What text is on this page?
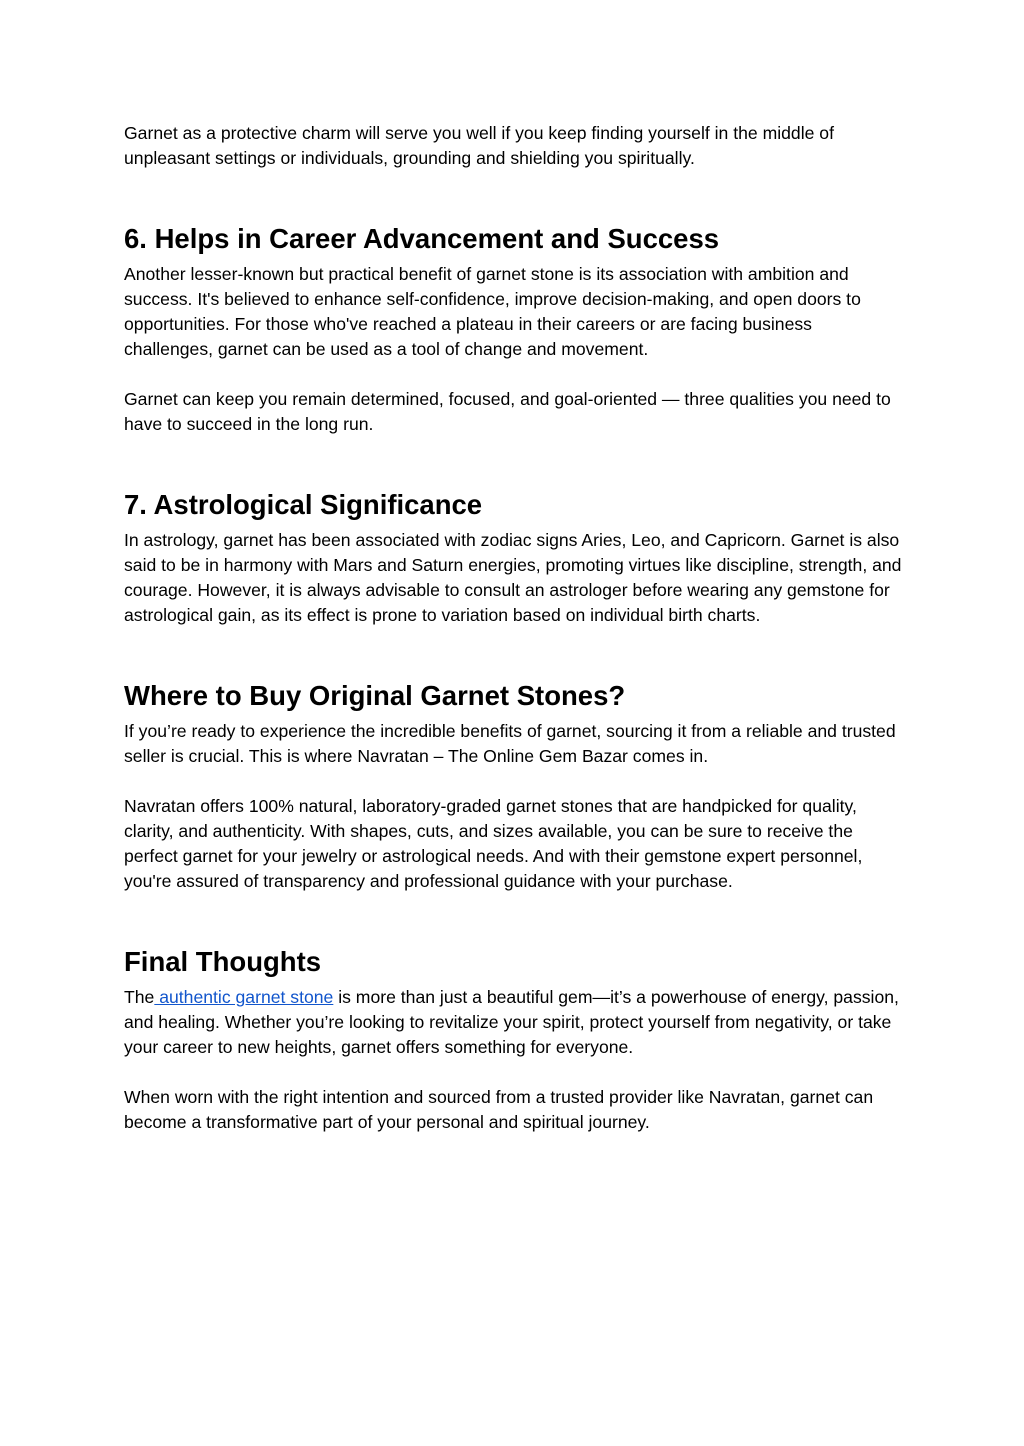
Garnet as a protective charm will serve you well if you keep finding yourself in the middle of unpleasant settings or individuals, grounding and shielding you spiritually.

6. Helps in Career Advancement and Success

Another lesser-known but practical benefit of garnet stone is its association with ambition and success. It's believed to enhance self-confidence, improve decision-making, and open doors to opportunities. For those who've reached a plateau in their careers or are facing business challenges, garnet can be used as a tool of change and movement.

Garnet can keep you remain determined, focused, and goal-oriented — three qualities you need to have to succeed in the long run.

7. Astrological Significance

In astrology, garnet has been associated with zodiac signs Aries, Leo, and Capricorn. Garnet is also said to be in harmony with Mars and Saturn energies, promoting virtues like discipline, strength, and courage. However, it is always advisable to consult an astrologer before wearing any gemstone for astrological gain, as its effect is prone to variation based on individual birth charts.

Where to Buy Original Garnet Stones?

If you’re ready to experience the incredible benefits of garnet, sourcing it from a reliable and trusted seller is crucial. This is where Navratan – The Online Gem Bazar comes in.

Navratan offers 100% natural, laboratory-graded garnet stones that are handpicked for quality, clarity, and authenticity. With shapes, cuts, and sizes available, you can be sure to receive the perfect garnet for your jewelry or astrological needs. And with their gemstone expert personnel, you're assured of transparency and professional guidance with your purchase.

Final Thoughts

The authentic garnet stone is more than just a beautiful gem—it’s a powerhouse of energy, passion, and healing. Whether you’re looking to revitalize your spirit, protect yourself from negativity, or take your career to new heights, garnet offers something for everyone.

When worn with the right intention and sourced from a trusted provider like Navratan, garnet can become a transformative part of your personal and spiritual journey.
